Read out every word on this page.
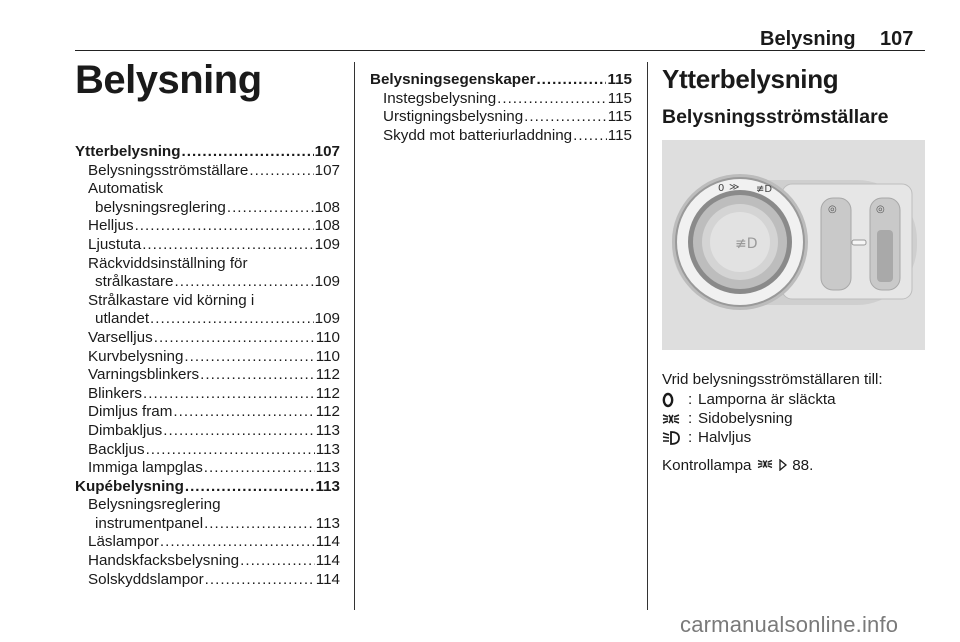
Belysning 107
Belysning
Ytterbelysning .....	107
Belysningsströmställare .....	107
Automatisk
belysningsreglering .....	108
Helljus .....	108
Ljustuta .....	109
Räckviddsinställning för
strålkastare .....	109
Strålkastare vid körning i
utlandet .....	109
Varselljus .....	110
Kurvbelysning .....	110
Varningsblinkers .....	112
Blinkers .....	112
Dimljus fram .....	112
Dimbakljus .....	113
Backljus .....	113
Immiga lampglas .....	113
Kupébelysning .....	113
Belysningsreglering
instrumentpanel .....	113
Läslampor .....	114
Handskfacksbelysning .....	114
Solskyddslampor .....	114
Belysningsegenskaper .....	115
Instegsbelysning .....	115
Urstigningsbelysning .....	115
Skydd mot batteriurladdning ..... 115
Ytterbelysning
Belysningsströmställare
≢D
0 ≫ ≢D
◎	◎
Vrid belysningsströmställaren till:
: Lamporna är släckta
: Sidobelysning
: Halvljus
Kontrollampa	88.
carmanualsonline.info
